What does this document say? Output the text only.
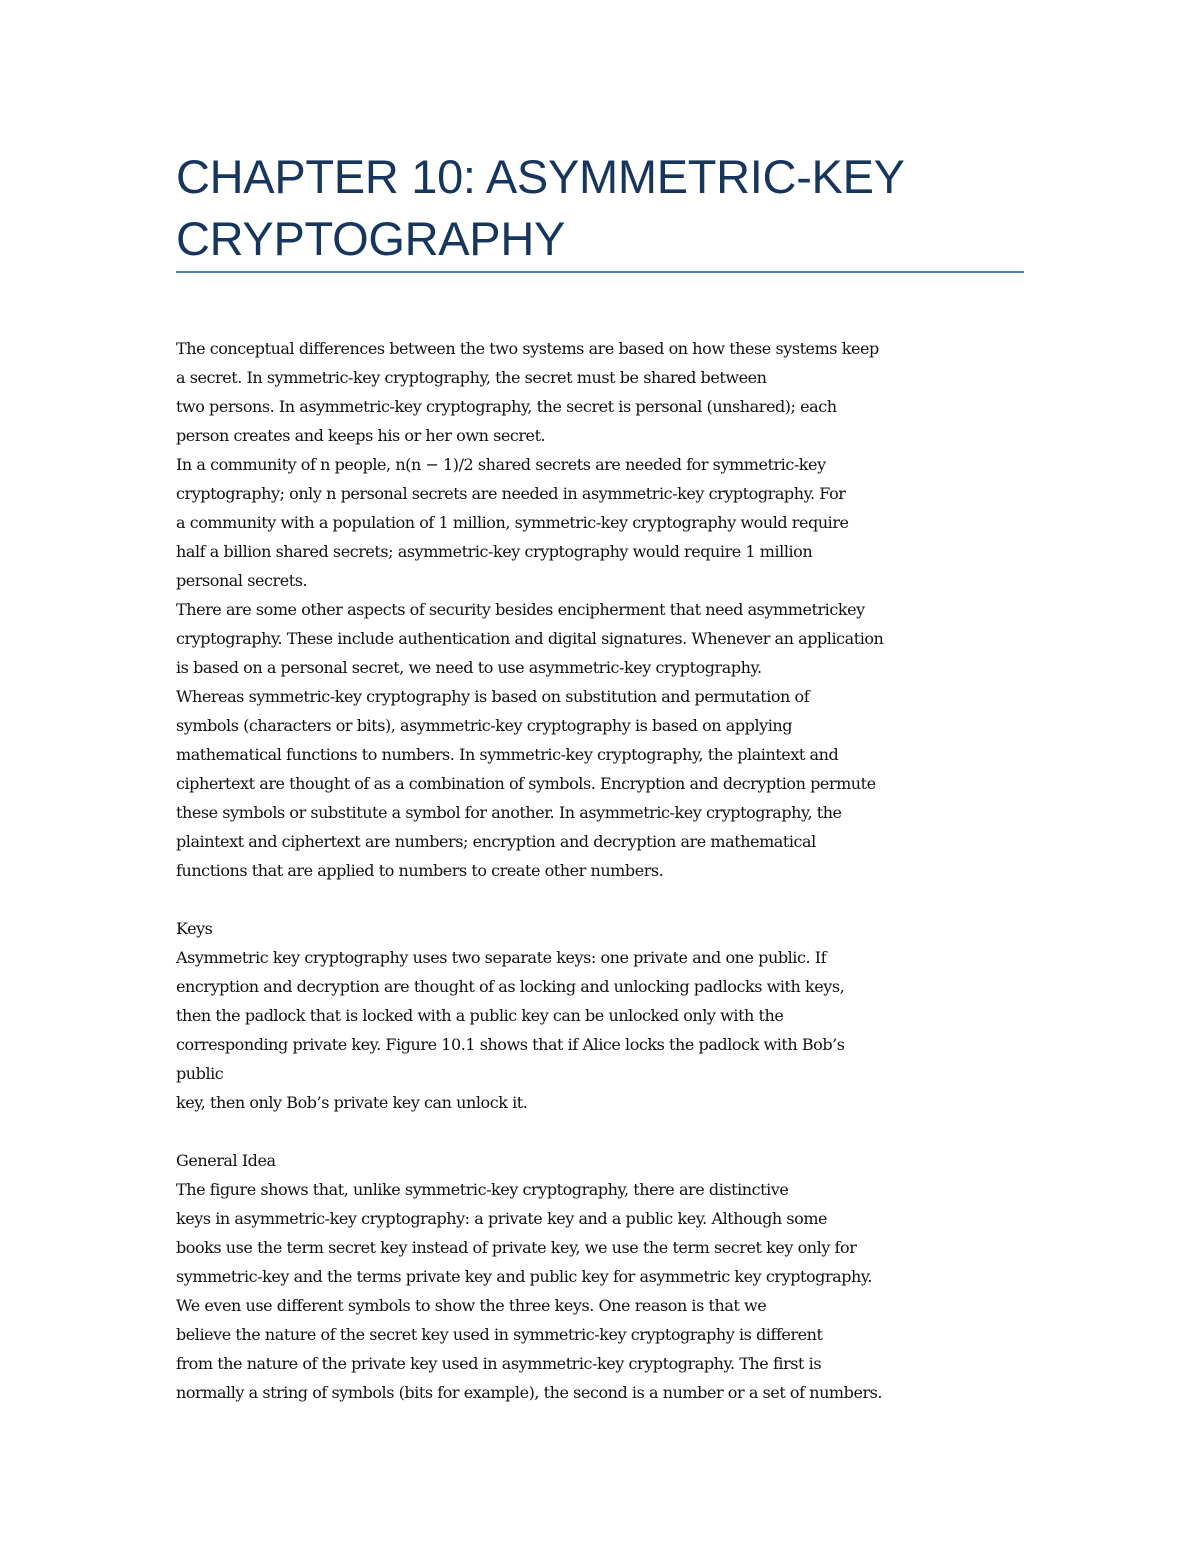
CHAPTER 10: ASYMMETRIC-KEY CRYPTOGRAPHY
The conceptual differences between the two systems are based on how these systems keep
a secret. In symmetric-key cryptography, the secret must be shared between
two persons. In asymmetric-key cryptography, the secret is personal (unshared); each
person creates and keeps his or her own secret.
In a community of n people, n(n − 1)/2 shared secrets are needed for symmetric-key
cryptography; only n personal secrets are needed in asymmetric-key cryptography. For
a community with a population of 1 million, symmetric-key cryptography would require
half a billion shared secrets; asymmetric-key cryptography would require 1 million
personal secrets.
There are some other aspects of security besides encipherment that need asymmetrickey
cryptography. These include authentication and digital signatures. Whenever an application
is based on a personal secret, we need to use asymmetric-key cryptography.
Whereas symmetric-key cryptography is based on substitution and permutation of
symbols (characters or bits), asymmetric-key cryptography is based on applying
mathematical functions to numbers. In symmetric-key cryptography, the plaintext and
ciphertext are thought of as a combination of symbols. Encryption and decryption permute
these symbols or substitute a symbol for another. In asymmetric-key cryptography, the
plaintext and ciphertext are numbers; encryption and decryption are mathematical
functions that are applied to numbers to create other numbers.
Keys
Asymmetric key cryptography uses two separate keys: one private and one public. If
encryption and decryption are thought of as locking and unlocking padlocks with keys,
then the padlock that is locked with a public key can be unlocked only with the
corresponding private key. Figure 10.1 shows that if Alice locks the padlock with Bob’s
public
key, then only Bob’s private key can unlock it.
General Idea
The figure shows that, unlike symmetric-key cryptography, there are distinctive
keys in asymmetric-key cryptography: a private key and a public key. Although some
books use the term secret key instead of private key, we use the term secret key only for
symmetric-key and the terms private key and public key for asymmetric key cryptography.
We even use different symbols to show the three keys. One reason is that we
believe the nature of the secret key used in symmetric-key cryptography is different
from the nature of the private key used in asymmetric-key cryptography. The first is
normally a string of symbols (bits for example), the second is a number or a set of numbers.
